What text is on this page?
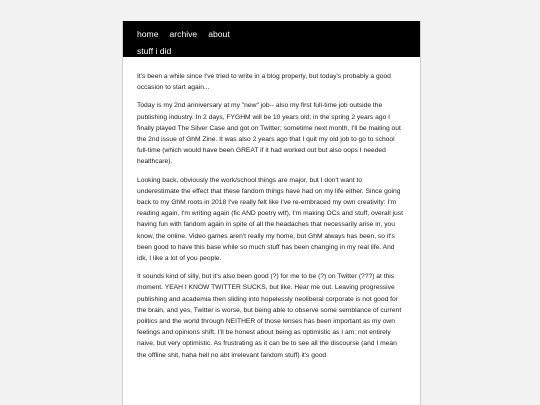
home archive about
stuff i did

It's been a while since I've tried to write in a blog properly, but today's probably a good occasion to start again...

Today is my 2nd anniversary at my "new" job-- also my first full-time job outside the publishing industry. In 2 days, FYGHM will be 10 years old; in the spring 2 years ago I finally played The Silver Case and got on Twitter; sometime next month, I'll be mailing out the 2nd issue of GhM Zine. It was also 2 years ago that I quit my old job to go to school full-time (which would have been GREAT if it had worked out but also oops I needed healthcare).

Looking back, obviously the work/school things are major, but I don't want to underestimate the effect that these fandom things have had on my life either. Since going back to my GhM roots in 2018 I've really felt like I've re-embraced my own creativity: I'm reading again, I'm writing again (fic AND poetry wtf), I'm making OCs and stuff, overall just having fun with fandom again in spite of all the headaches that necessarily arise in, you know, the online. Video games aren't really my home, but GhM always has been, so it's been good to have this base while so much stuff has been changing in my real life. And idk, I like a lot of you people.

It sounds kind of silly, but it's also been good (?) for me to be (?) on Twitter (???) at this moment. YEAH I KNOW TWITTER SUCKS, but like. Hear me out. Leaving progressive publishing and academia then sliding into hopelessly neoliberal corporate is not good for the brain, and yes, Twitter is worse, but being able to observe some semblance of current politics and the world through NEITHER of those lenses has been important as my own feelings and opinions shift. I'll be honest about being as optimistic as I am: not entirely naive, but very optimistic. As frustrating as it can be to see all the discourse (and I mean the offline shit, haha hell no abt irrelevant fandom stuff) it's good
